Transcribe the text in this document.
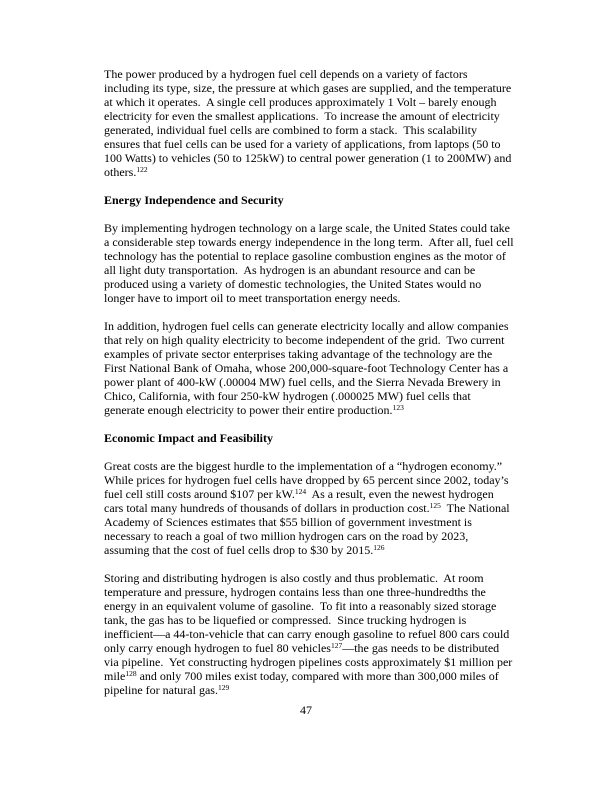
The power produced by a hydrogen fuel cell depends on a variety of factors including its type, size, the pressure at which gases are supplied, and the temperature at which it operates.  A single cell produces approximately 1 Volt – barely enough electricity for even the smallest applications.  To increase the amount of electricity generated, individual fuel cells are combined to form a stack.  This scalability ensures that fuel cells can be used for a variety of applications, from laptops (50 to 100 Watts) to vehicles (50 to 125kW) to central power generation (1 to 200MW) and others.$^{122}$

Energy Independence and Security

By implementing hydrogen technology on a large scale, the United States could take a considerable step towards energy independence in the long term.  After all, fuel cell technology has the potential to replace gasoline combustion engines as the motor of all light duty transportation.  As hydrogen is an abundant resource and can be produced using a variety of domestic technologies, the United States would no longer have to import oil to meet transportation energy needs.

In addition, hydrogen fuel cells can generate electricity locally and allow companies that rely on high quality electricity to become independent of the grid.  Two current examples of private sector enterprises taking advantage of the technology are the First National Bank of Omaha, whose 200,000-square-foot Technology Center has a power plant of 400-kW (.00004 MW) fuel cells, and the Sierra Nevada Brewery in Chico, California, with four 250-kW hydrogen (.000025 MW) fuel cells that generate enough electricity to power their entire production.$^{123}$

Economic Impact and Feasibility

Great costs are the biggest hurdle to the implementation of a “hydrogen economy.” While prices for hydrogen fuel cells have dropped by 65 percent since 2002, today’s fuel cell still costs around $107 per kW.$^{124}$  As a result, even the newest hydrogen cars total many hundreds of thousands of dollars in production cost.$^{125}$  The National Academy of Sciences estimates that $55 billion of government investment is necessary to reach a goal of two million hydrogen cars on the road by 2023, assuming that the cost of fuel cells drop to $30 by 2015.$^{126}$

Storing and distributing hydrogen is also costly and thus problematic.  At room temperature and pressure, hydrogen contains less than one three-hundredths the energy in an equivalent volume of gasoline.  To fit into a reasonably sized storage tank, the gas has to be liquefied or compressed.  Since trucking hydrogen is inefficient—a 44-ton-vehicle that can carry enough gasoline to refuel 800 cars could only carry enough hydrogen to fuel 80 vehicles$^{127}$—the gas needs to be distributed via pipeline.  Yet constructing hydrogen pipelines costs approximately $1 million per mile$^{128}$ and only 700 miles exist today, compared with more than 300,000 miles of pipeline for natural gas.$^{129}$

47
